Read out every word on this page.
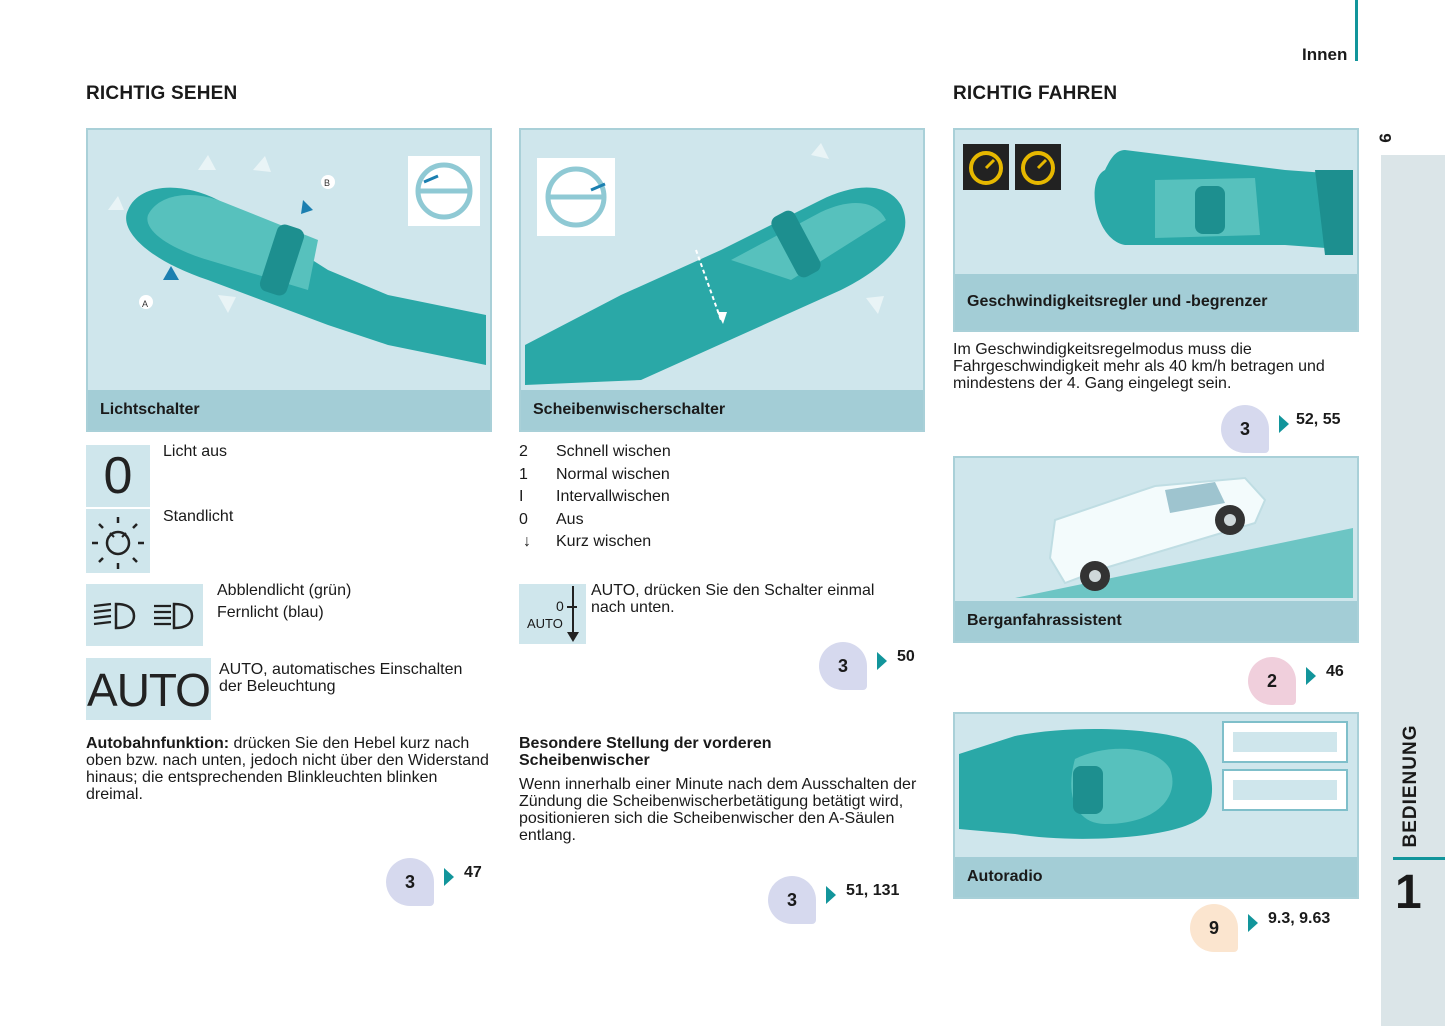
Innen
9
BEDIENUNG
1
RICHTIG SEHEN	RICHTIG FAHREN
A
B
Lichtschalter
0	Licht aus
Standlicht
Abblendlicht (grün)
Fernlicht (blau)
AUTO AUTO, automatisches Einschalten der Beleuchtung
Autobahnfunktion: drücken Sie den Hebel kurz nach oben bzw. nach unten, jedoch nicht über den Widerstand hinaus; die entsprechenden Blinkleuchten blinken dreimal.
3	47
Scheibenwischerschalter
2 Schnell wischen
1 Normal wischen
I Intervallwischen
0 Aus
↓ Kurz wischen
0
AUTO
AUTO, drücken Sie den Schalter einmal nach unten.
3	50
Besondere Stellung der vorderen Scheibenwischer
Wenn innerhalb einer Minute nach dem Ausschalten der Zündung die Scheibenwischerbetätigung betätigt wird, positionieren sich die Scheibenwischer den A-Säulen entlang.
3	51, 131
Geschwindigkeitsregler und -begrenzer
Im Geschwindigkeitsregelmodus muss die Fahrgeschwindigkeit mehr als 40 km/h betragen und mindestens der 4. Gang eingelegt sein.
3	52, 55
Berganfahrassistent
2	46
Autoradio
9	9.3, 9.63
